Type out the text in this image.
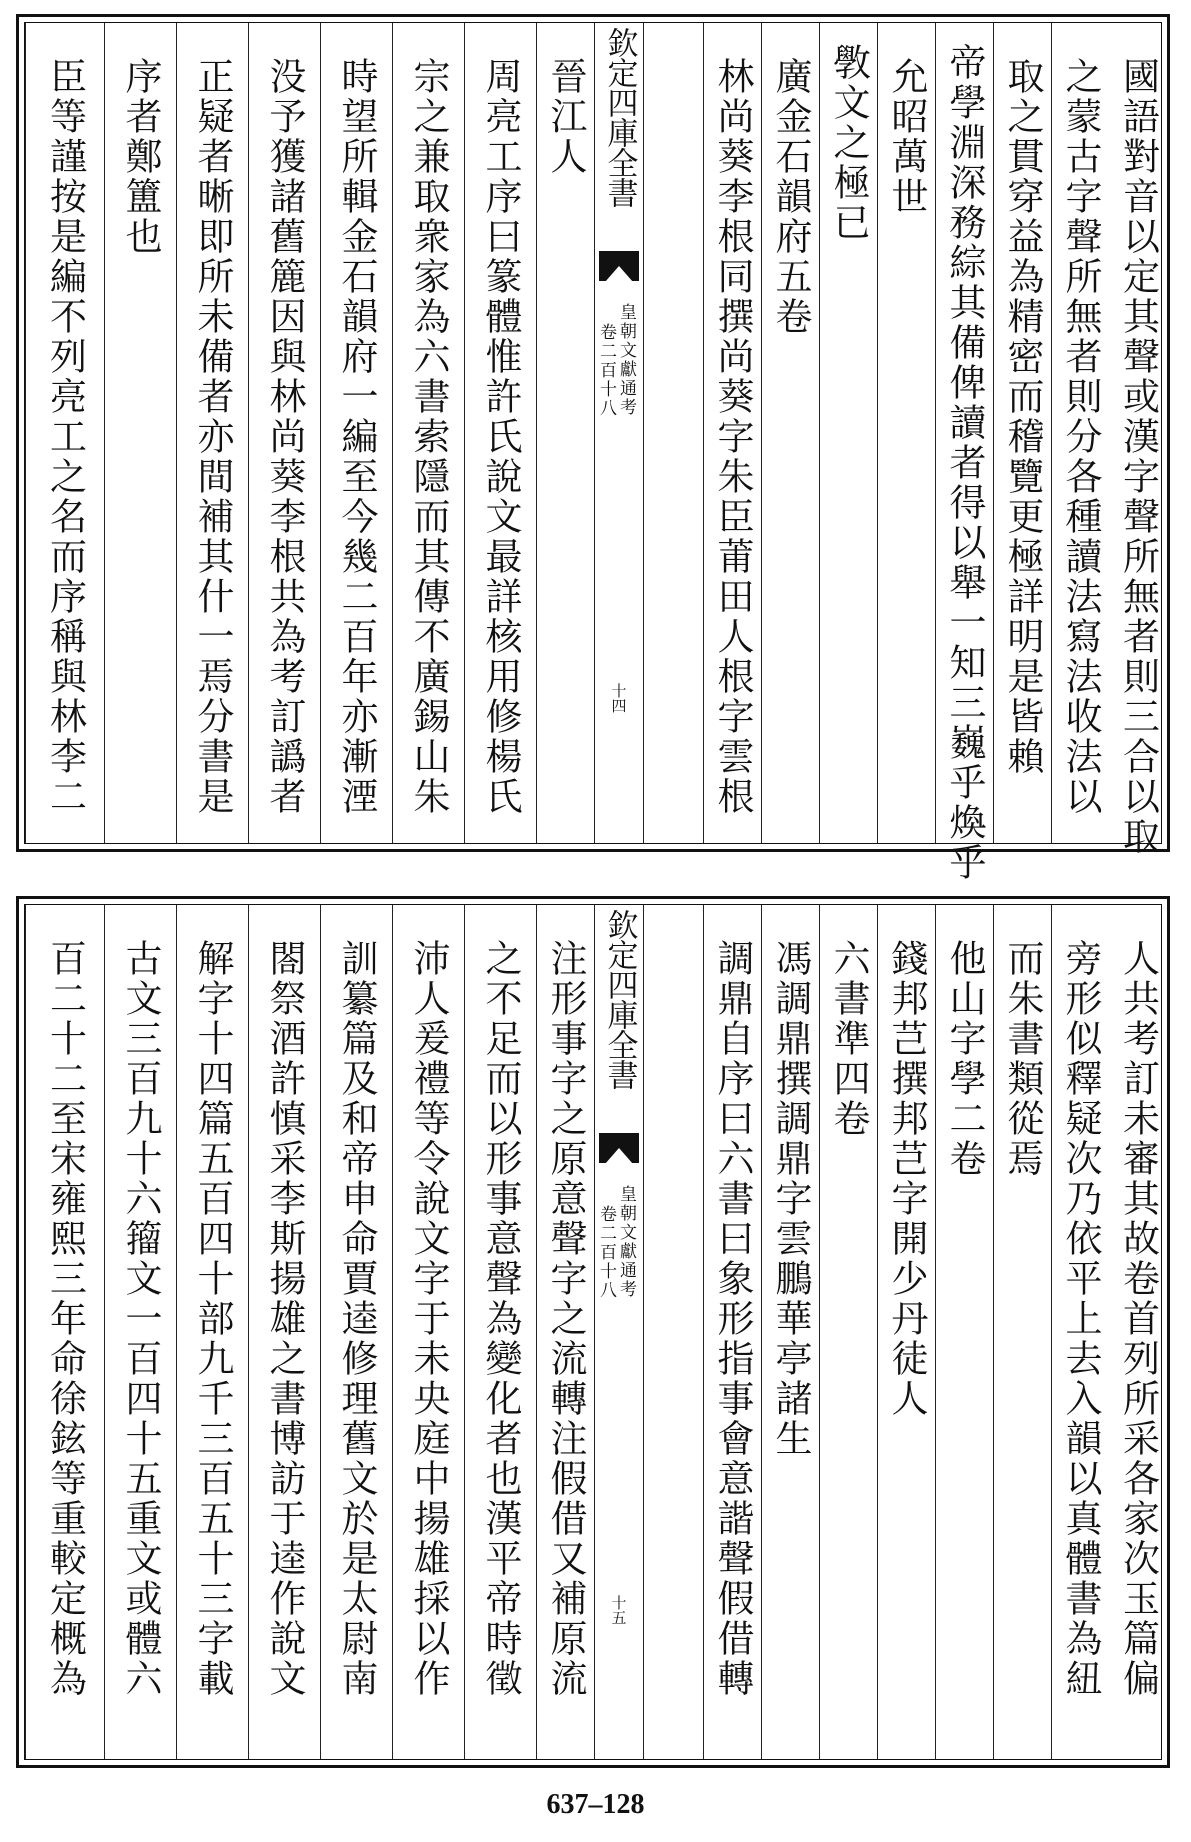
國語對音以定其聲或漢字聲所無者則三合以取
之蒙古字聲所無者則分各種讀法寫法收法以
取之貫穿益為精密而稽覽更極詳明是皆賴
帝學淵深務綜其備俾讀者得以舉一知三巍乎煥乎
允昭萬世
斆文之極已
廣金石韻府五卷
林尚葵李根同撰尚葵字朱臣莆田人根字雲根
欽定四庫全書
皇朝文獻通考
卷二百十八
十四
晉江人
周亮工序曰篆體惟許氏說文最詳核用修楊氏
宗之兼取衆家為六書索隱而其傳不廣錫山朱
時望所輯金石韻府一編至今幾二百年亦漸湮
没予獲諸舊簏因與林尚葵李根共為考訂譌者
正疑者晰即所未備者亦間補其什一焉分書是
序者鄭簠也
臣等謹按是編不列亮工之名而序稱與林李二
人共考訂未審其故卷首列所采各家次玉篇偏
旁形似釋疑次乃依平上去入韻以真體書為紐
而朱書類從焉
他山字學二卷
錢邦芑撰邦芑字開少丹徒人
六書準四卷
馮調鼎撰調鼎字雲鵬華亭諸生
調鼎自序曰六書曰象形指事會意諧聲假借轉
欽定四庫全書
皇朝文獻通考
卷二百十八
十五
注形事字之原意聲字之流轉注假借又補原流
之不足而以形事意聲為變化者也漢平帝時徵
沛人爰禮等令說文字于未央庭中揚雄採以作
訓纂篇及和帝申命賈逵修理舊文於是太尉南
閤祭酒許慎采李斯揚雄之書博訪于逵作說文
解字十四篇五百四十部九千三百五十三字載
古文三百九十六籀文一百四十五重文或體六
百二十二至宋雍熙三年命徐鉉等重較定概為
637–128
